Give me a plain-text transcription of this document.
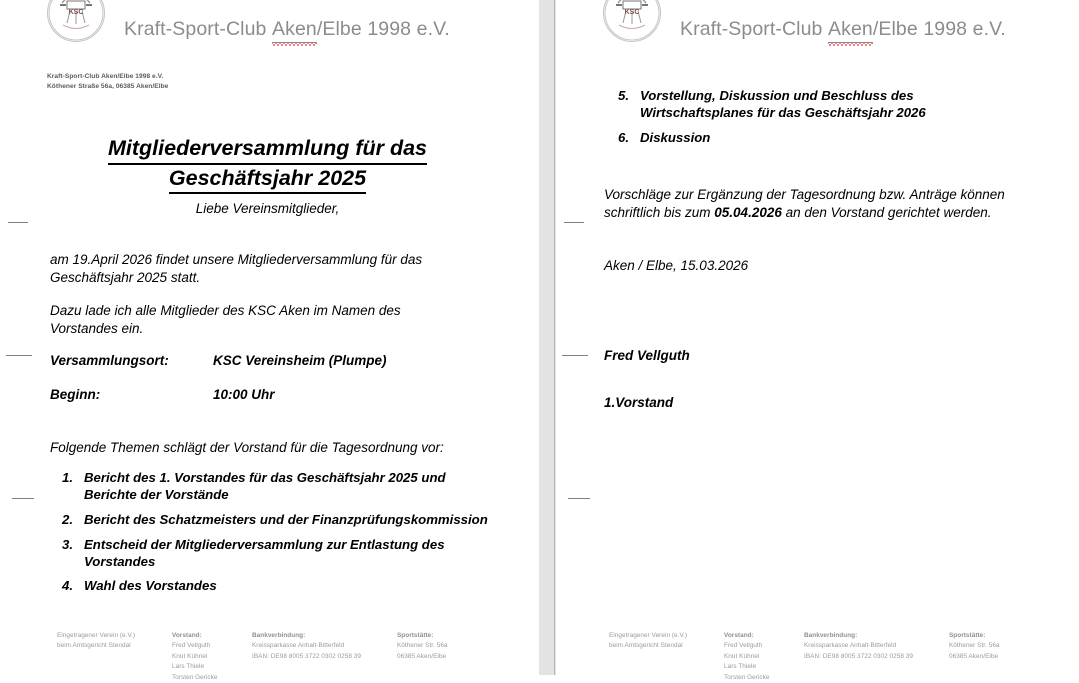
KSC
Kraft-Sport-Club Aken/Elbe 1998 e.V.
Kraft-Sport-Club Aken/Elbe 1998 e.V.
Köthener Straße 56a, 06385 Aken/Elbe
Mitgliederversammlung für das
Geschäftsjahr 2025
Liebe Vereinsmitglieder,
am 19.April 2026 findet unsere Mitgliederversammlung für das Geschäftsjahr 2025 statt.
Dazu lade ich alle Mitglieder des KSC Aken im Namen des Vorstandes ein.
Versammlungsort:	KSC Vereinsheim (Plumpe)
Beginn:	10:00 Uhr
Folgende Themen schlägt der Vorstand für die Tagesordnung vor:
1. Bericht des 1. Vorstandes für das Geschäftsjahr 2025 und Berichte der Vorstände
2. Bericht des Schatzmeisters und der Finanzprüfungskommission
3. Entscheid der Mitgliederversammlung zur Entlastung des Vorstandes
4. Wahl des Vorstandes
Eingetragener Verein (e.V.)
beim Amtsgericht Stendal
Vorstand:
Fred Vellguth
Knut Kühnel
Lars Thiele
Torsten Gericke
Bankverbindung:
Kreissparkasse Anhalt-Bitterfeld
IBAN: DE98 8005 3722 0302 0258 39
Sportstätte:
Köthener Str. 56a
06385 Aken/Elbe
KSC
Kraft-Sport-Club Aken/Elbe 1998 e.V.
5. Vorstellung, Diskussion und Beschluss des Wirtschaftsplanes für das Geschäftsjahr 2026
6. Diskussion
Vorschläge zur Ergänzung der Tagesordnung bzw. Anträge können schriftlich bis zum 05.04.2026 an den Vorstand gerichtet werden.
Aken / Elbe, 15.03.2026
Fred Vellguth
1.Vorstand
Eingetragener Verein (e.V.)
beim Amtsgericht Stendal
Vorstand:
Fred Vellguth
Knut Kühnel
Lars Thiele
Torsten Gericke
Bankverbindung:
Kreissparkasse Anhalt-Bitterfeld
IBAN: DE98 8005 3722 0302 0258 39
Sportstätte:
Köthener Str. 56a
06385 Aken/Elbe
